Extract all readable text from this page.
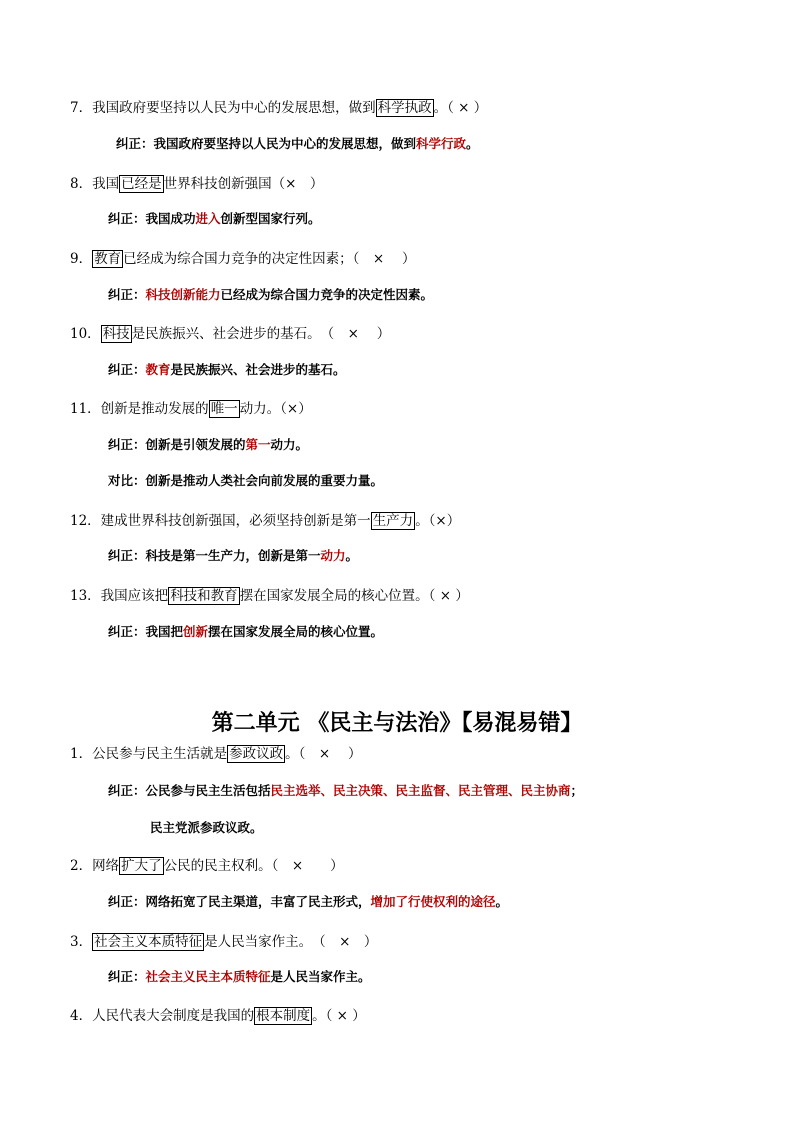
7．我国政府要坚持以人民为中心的发展思想，做到 科学执政 。（ × ）
纠正：我国政府要坚持以人民为中心的发展思想，做到科学行政。
8．我国 已经是 世界科技创新强国（×　）
纠正：我国成功进入创新型国家行列。
9． 教育 已经成为综合国力竞争的决定性因素；（　×　 ）
纠正：科技创新能力已经成为综合国力竞争的决定性因素。
10． 科技 是民族振兴、社会进步的基石。　（　×　 ）
纠正：教育是民族振兴、社会进步的基石。
11．创新是推动发展的 唯一 动力。（×）
纠正：创新是引领发展的第一动力。
对比：创新是推动人类社会向前发展的重要力量。
12．建成世界科技创新强国，必须坚持创新是第一 生产力 。（×）
纠正：科技是第一生产力，创新是第一动力。
13．我国应该把 科技和教育 摆在国家发展全局的核心位置。（ × ）
纠正：我国把创新摆在国家发展全局的核心位置。
第二单元 《民主与法治》【易混易错】
1．公民参与民主生活就是 参政议政 。（　×　 ）
纠正：公民参与民主生活包括民主选举、民主决策、民主监督、民主管理、民主协商；
民主党派参政议政。
2．网络 扩大了 公民的民主权利。（　×　　）
纠正：网络拓宽了民主渠道，丰富了民主形式，增加了行使权利的途径。
3． 社会主义本质特征 是人民当家作主。　（　×　）
纠正：社会主义民主本质特征是人民当家作主。
4．人民代表大会制度是我国的 根本制度 。（ × ）
